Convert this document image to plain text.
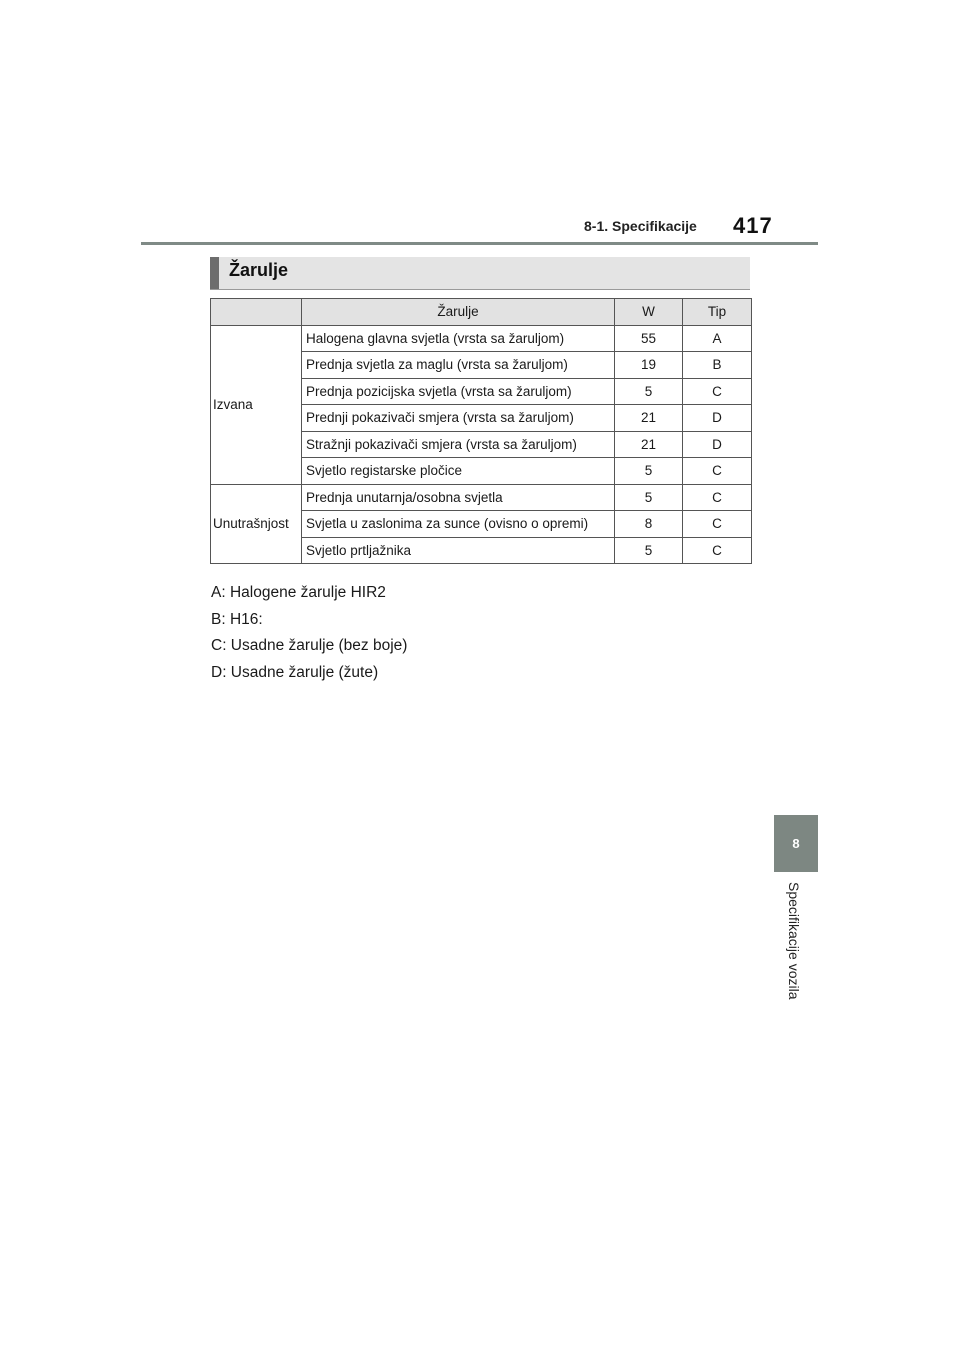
8-1. Specifikacije 417
Žarulje
	Žarulje	W	Tip
Izvana	Halogena glavna svjetla (vrsta sa žaruljom)	55	A
	Prednja svjetla za maglu (vrsta sa žaruljom)	19	B
	Prednja pozicijska svjetla (vrsta sa žaruljom)	5	C
	Prednji pokazivači smjera (vrsta sa žaruljom)	21	D
	Stražnji pokazivači smjera (vrsta sa žaruljom)	21	D
	Svjetlo registarske pločice	5	C
Unutrašnjost	Prednja unutarnja/osobna svjetla	5	C
	Svjetla u zaslonima za sunce (ovisno o opremi)	8	C
	Svjetlo prtljažnika	5	C
A: Halogene žarulje HIR2
B: H16:
C: Usadne žarulje (bez boje)
D: Usadne žarulje (žute)
8
Specifikacije vozila
